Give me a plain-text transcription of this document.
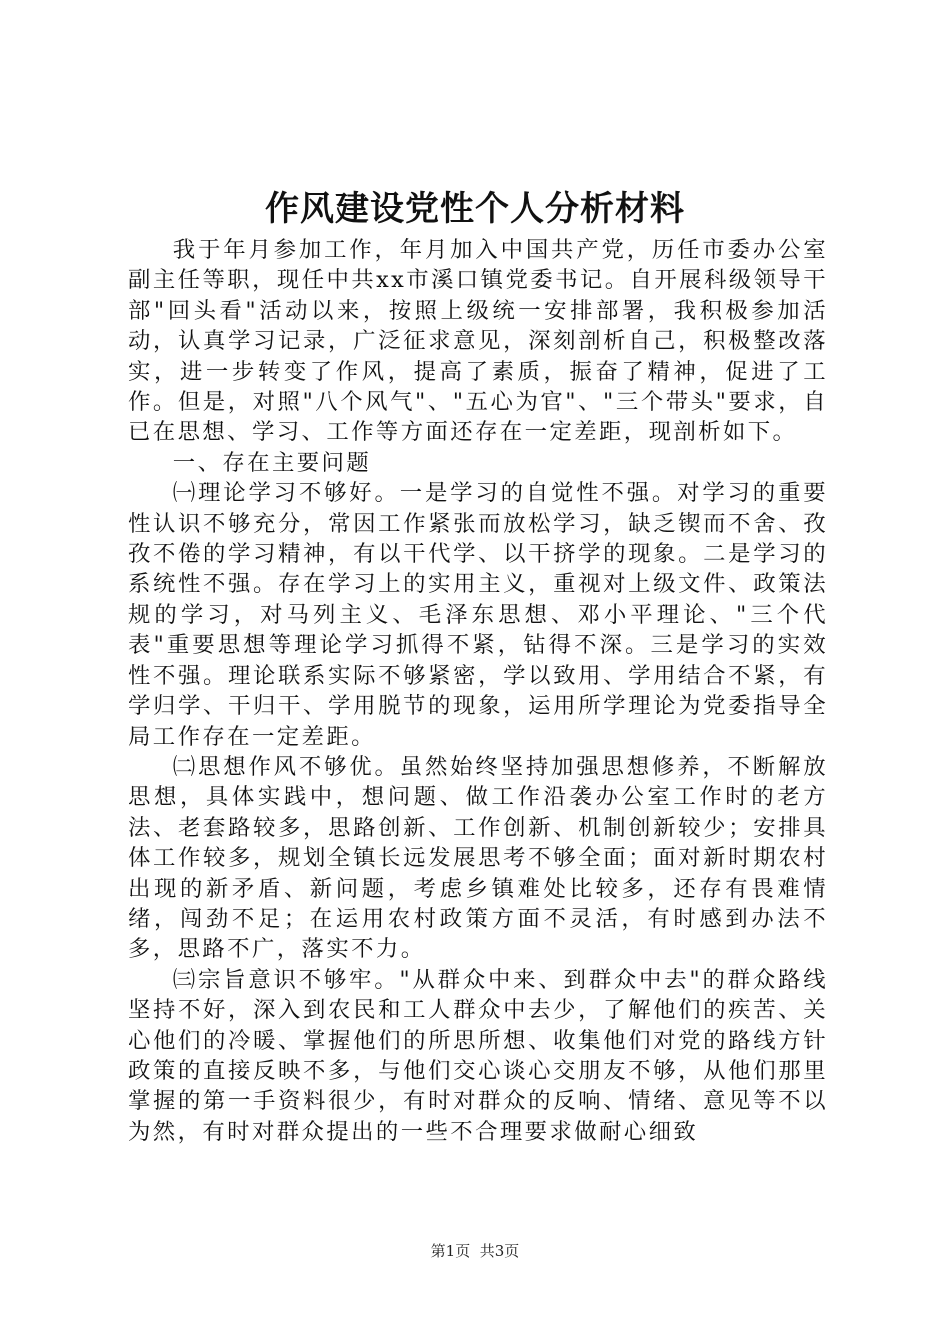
作风建设党性个人分析材料

我于年月参加工作，年月加入中国共产党，历任市委办公室副主任等职，现任中共xx市溪口镇党委书记。自开展科级领导干部"回头看"活动以来，按照上级统一安排部署，我积极参加活动，认真学习记录，广泛征求意见，深刻剖析自己，积极整改落实，进一步转变了作风，提高了素质，振奋了精神，促进了工作。但是，对照"八个风气"、"五心为官"、"三个带头"要求，自已在思想、学习、工作等方面还存在一定差距，现剖析如下。

一、存在主要问题

㈠理论学习不够好。一是学习的自觉性不强。对学习的重要性认识不够充分，常因工作紧张而放松学习，缺乏锲而不舍、孜孜不倦的学习精神，有以干代学、以干挤学的现象。二是学习的系统性不强。存在学习上的实用主义，重视对上级文件、政策法规的学习，对马列主义、毛泽东思想、邓小平理论、"三个代表"重要思想等理论学习抓得不紧，钻得不深。三是学习的实效性不强。理论联系实际不够紧密，学以致用、学用结合不紧，有学归学、干归干、学用脱节的现象，运用所学理论为党委指导全局工作存在一定差距。

㈡思想作风不够优。虽然始终坚持加强思想修养，不断解放思想，具体实践中，想问题、做工作沿袭办公室工作时的老方法、老套路较多，思路创新、工作创新、机制创新较少；安排具体工作较多，规划全镇长远发展思考不够全面；面对新时期农村出现的新矛盾、新问题，考虑乡镇难处比较多，还存有畏难情绪，闯劲不足；在运用农村政策方面不灵活，有时感到办法不多，思路不广，落实不力。

㈢宗旨意识不够牢。"从群众中来、到群众中去"的群众路线坚持不好，深入到农民和工人群众中去少，了解他们的疾苦、关心他们的冷暖、掌握他们的所思所想、收集他们对党的路线方针政策的直接反映不多，与他们交心谈心交朋友不够，从他们那里掌握的第一手资料很少，有时对群众的反响、情绪、意见等不以为然，有时对群众提出的一些不合理要求做耐心细致

第1页 共3页
